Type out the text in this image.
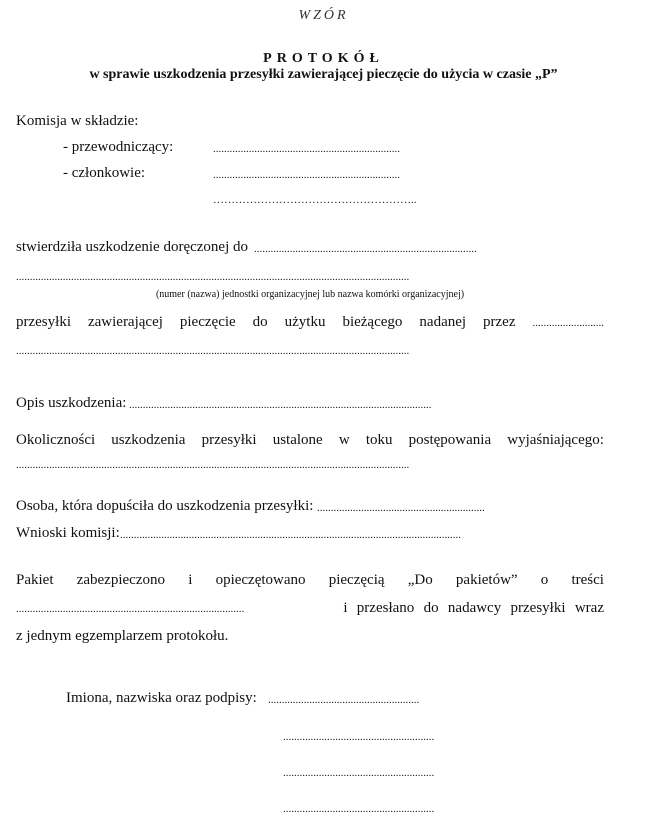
WZÓR
PROTOKÓŁ
w sprawie uszkodzenia przesyłki zawierającej pieczęcie do użycia w czasie „P”
Komisja w składzie:
- przewodniczący:	....................................................................
- członkowie:	....................................................................
………………………………………………..
stwierdziła uszkodzenie doręczonej do .................................................................................
...............................................................................................................................................
(numer (nazwa) jednostki organizacyjnej lub nazwa komórki organizacyjnej)
przesyłki zawierającej pieczęcie do użytku bieżącego nadanej przez ..........................
...............................................................................................................................................
Opis uszkodzenia: ..............................................................................................................
Okoliczności uszkodzenia przesyłki ustalone w toku postępowania wyjaśniającego:
...............................................................................................................................................
Osoba, która dopuściła do uszkodzenia przesyłki: .............................................................
Wnioski komisji: ............................................................................................................................
Pakiet zabezpieczono i opieczętowano pieczęcią „Do pakietów” o treści
...................................................................................	i przesłano do nadawcy przesyłki wraz
z jednym egzemplarzem protokołu.
Imiona, nazwiska oraz podpisy: .......................................................
.......................................................
.......................................................
.......................................................
